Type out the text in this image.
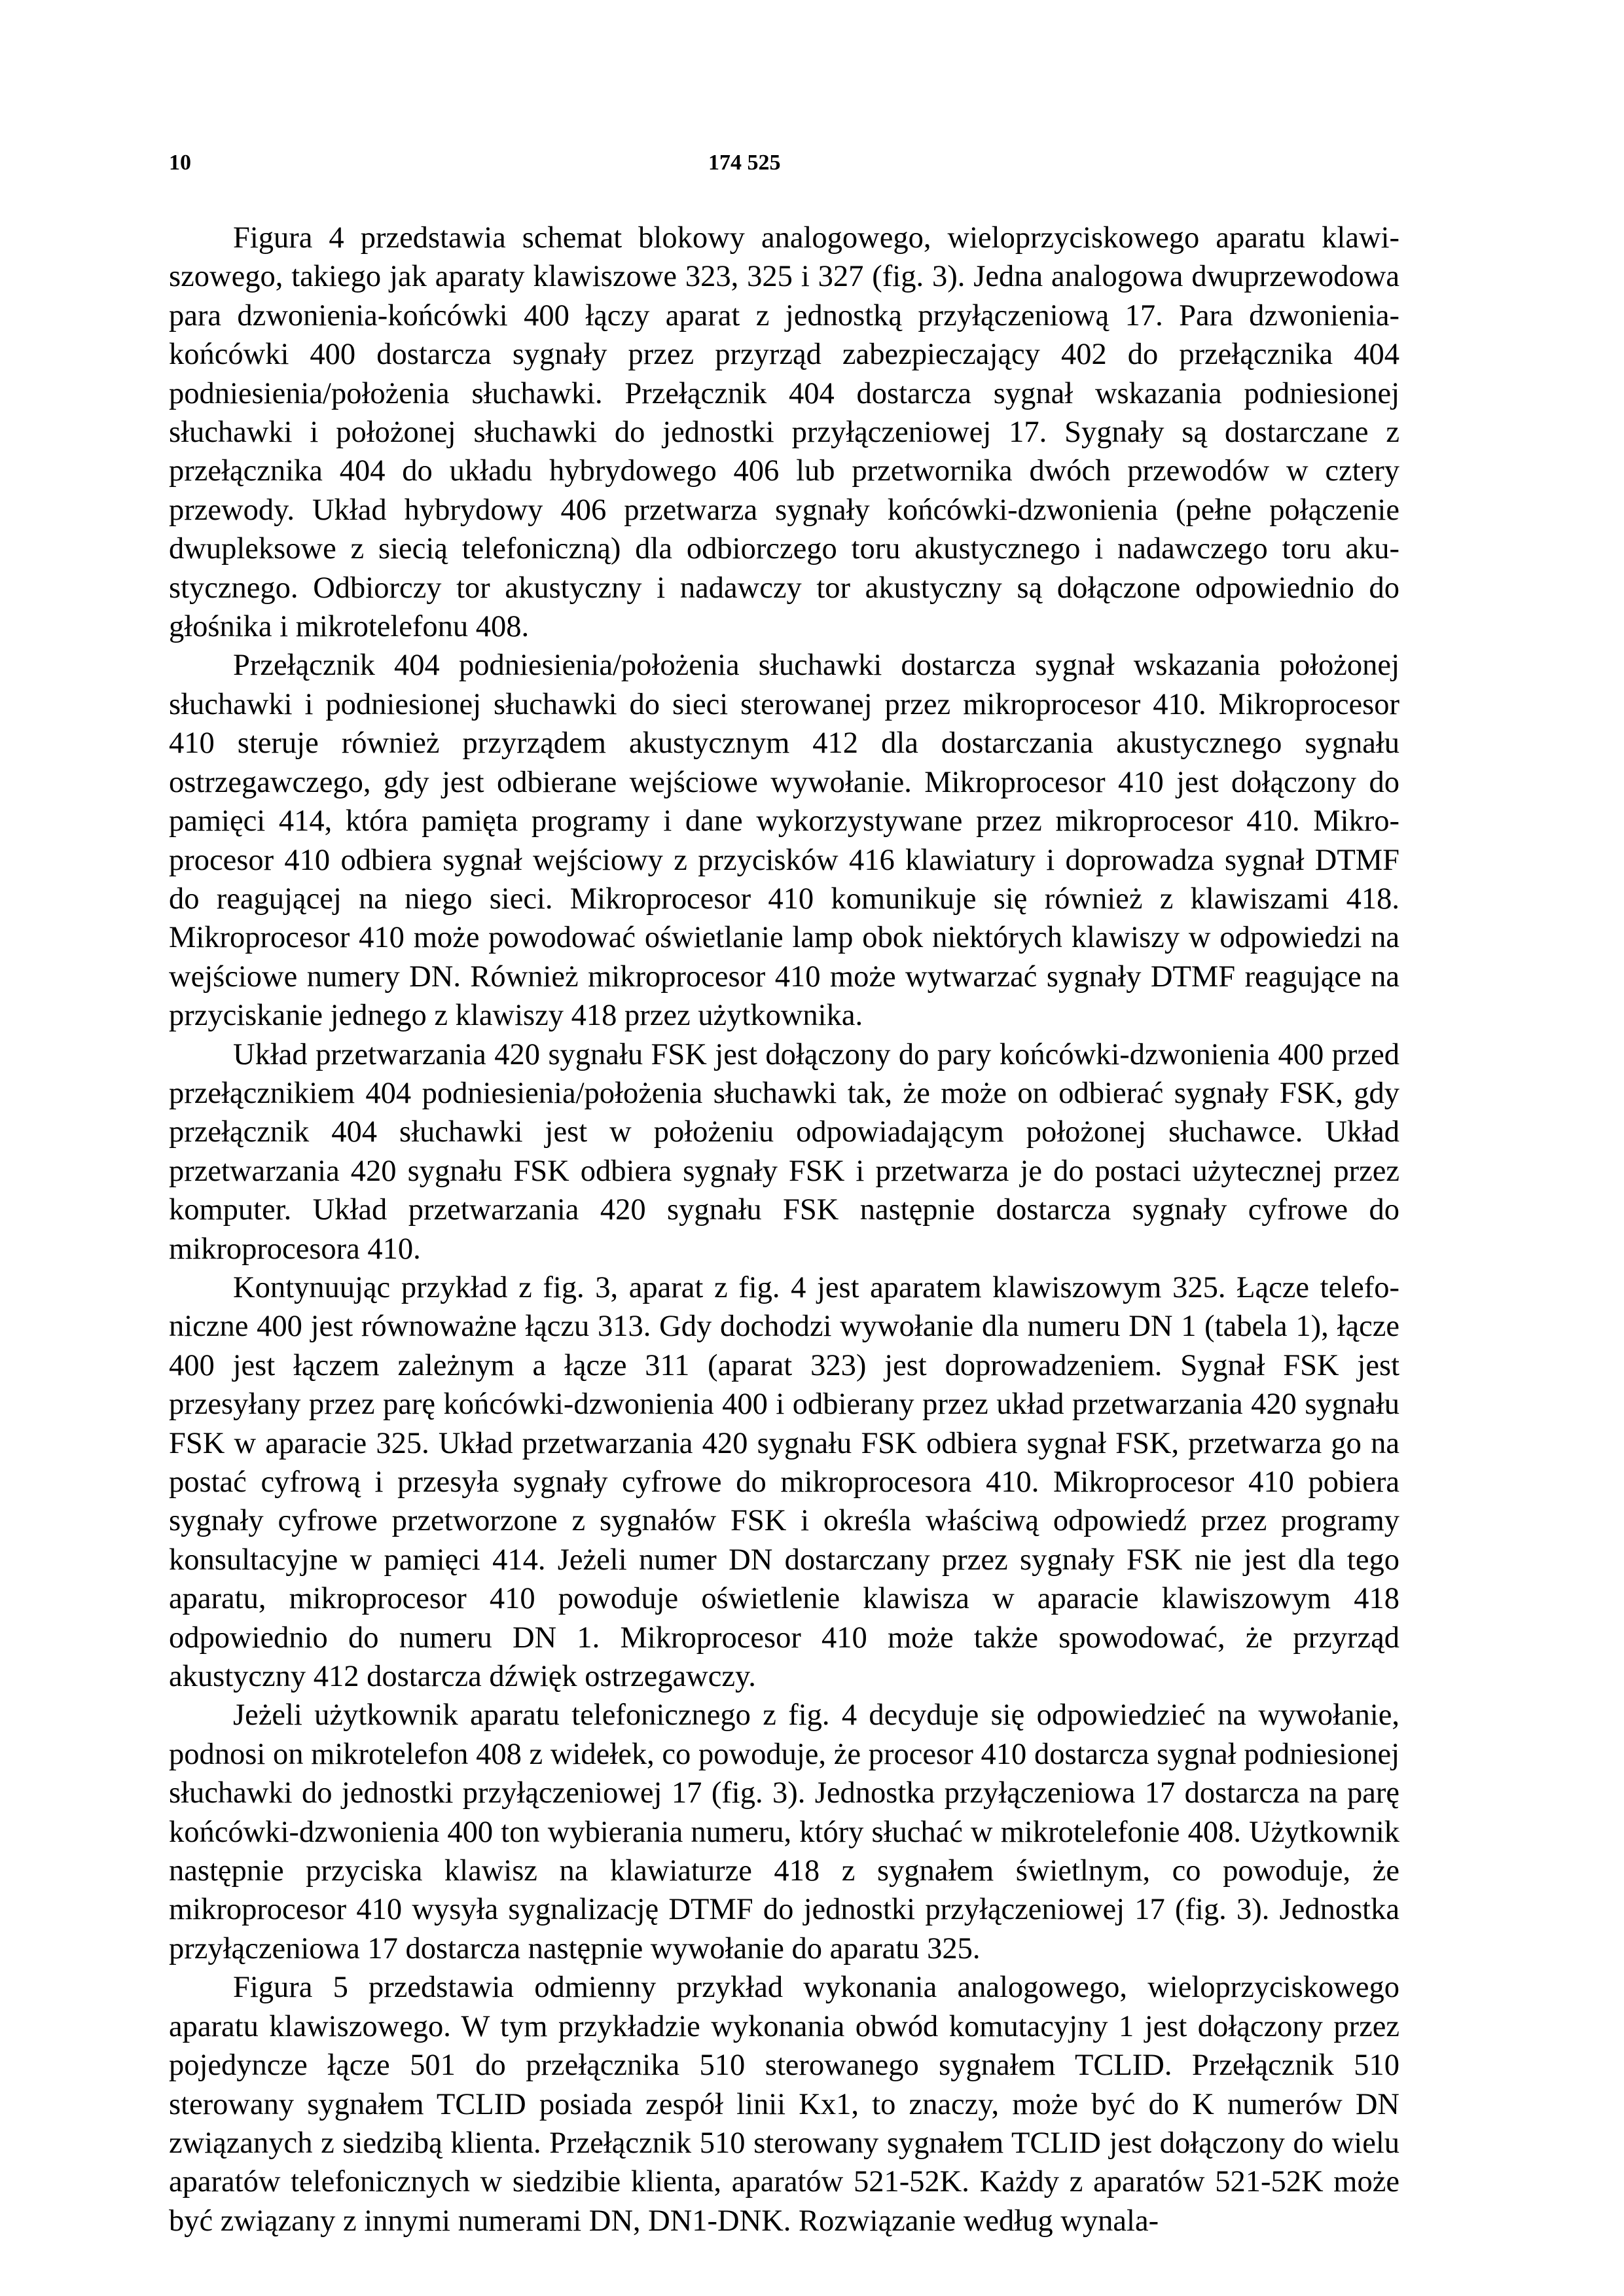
10	174 525

Figura 4 przedstawia schemat blokowy analogowego, wieloprzyciskowego aparatu klawiszowego, takiego jak aparaty klawiszowe 323, 325 i 327 (fig. 3). Jedna analogowa dwuprzewodowa para dzwonienia-końcówki 400 łączy aparat z jednostką przyłączeniową 17. Para dzwonienia-końcówki 400 dostarcza sygnały przez przyrząd zabezpieczający 402 do przełącznika 404 podniesienia/położenia słuchawki. Przełącznik 404 dostarcza sygnał wskazania podniesionej słuchawki i położonej słuchawki do jednostki przyłączeniowej 17. Sygnały są dostarczane z przełącznika 404 do układu hybrydowego 406 lub przetwornika dwóch przewodów w cztery przewody. Układ hybrydowy 406 przetwarza sygnały końcówki-dzwonienia (pełne połączenie dwupleksowe z siecią telefoniczną) dla odbiorczego toru akustycznego i nadawczego toru akustycznego. Odbiorczy tor akustyczny i nadawczy tor akustyczny są dołączone odpowiednio do głośnika i mikrotelefonu 408.

Przełącznik 404 podniesienia/położenia słuchawki dostarcza sygnał wskazania położonej słuchawki i podniesionej słuchawki do sieci sterowanej przez mikroprocesor 410. Mikroprocesor 410 steruje również przyrządem akustycznym 412 dla dostarczania akustycznego sygnału ostrzegawczego, gdy jest odbierane wejściowe wywołanie. Mikroprocesor 410 jest dołączony do pamięci 414, która pamięta programy i dane wykorzystywane przez mikroprocesor 410. Mikroprocesor 410 odbiera sygnał wejściowy z przycisków 416 klawiatury i doprowadza sygnał DTMF do reagującej na niego sieci. Mikroprocesor 410 komunikuje się również z klawiszami 418. Mikroprocesor 410 może powodować oświetlanie lamp obok niektórych klawiszy w odpowiedzi na wejściowe numery DN. Również mikroprocesor 410 może wytwarzać sygnały DTMF reagujące na przyciskanie jednego z klawiszy 418 przez użytkownika.

Układ przetwarzania 420 sygnału FSK jest dołączony do pary końcówki-dzwonienia 400 przed przełącznikiem 404 podniesienia/położenia słuchawki tak, że może on odbierać sygnały FSK, gdy przełącznik 404 słuchawki jest w położeniu odpowiadającym położonej słuchawce. Układ przetwarzania 420 sygnału FSK odbiera sygnały FSK i przetwarza je do postaci użytecznej przez komputer. Układ przetwarzania 420 sygnału FSK następnie dostarcza sygnały cyfrowe do mikroprocesora 410.

Kontynuując przykład z fig. 3, aparat z fig. 4 jest aparatem klawiszowym 325. Łącze telefoniczne 400 jest równoważne łączu 313. Gdy dochodzi wywołanie dla numeru DN 1 (tabela 1), łącze 400 jest łączem zależnym a łącze 311 (aparat 323) jest doprowadzeniem. Sygnał FSK jest przesyłany przez parę końcówki-dzwonienia 400 i odbierany przez układ przetwarzania 420 sygnału FSK w aparacie 325. Układ przetwarzania 420 sygnału FSK odbiera sygnał FSK, przetwarza go na postać cyfrową i przesyła sygnały cyfrowe do mikroprocesora 410. Mikroprocesor 410 pobiera sygnały cyfrowe przetworzone z sygnałów FSK i określa właściwą odpowiedź przez programy konsultacyjne w pamięci 414. Jeżeli numer DN dostarczany przez sygnały FSK nie jest dla tego aparatu, mikroprocesor 410 powoduje oświetlenie klawisza w aparacie klawiszowym 418 odpowiednio do numeru DN 1. Mikroprocesor 410 może także spowodować, że przyrząd akustyczny 412 dostarcza dźwięk ostrzegawczy.

Jeżeli użytkownik aparatu telefonicznego z fig. 4 decyduje się odpowiedzieć na wywołanie, podnosi on mikrotelefon 408 z widełek, co powoduje, że procesor 410 dostarcza sygnał podniesionej słuchawki do jednostki przyłączeniowej 17 (fig. 3). Jednostka przyłączeniowa 17 dostarcza na parę końcówki-dzwonienia 400 ton wybierania numeru, który słuchać w mikrotelefonie 408. Użytkownik następnie przyciska klawisz na klawiaturze 418 z sygnałem świetlnym, co powoduje, że mikroprocesor 410 wysyła sygnalizację DTMF do jednostki przyłączeniowej 17 (fig. 3). Jednostka przyłączeniowa 17 dostarcza następnie wywołanie do aparatu 325.

Figura 5 przedstawia odmienny przykład wykonania analogowego, wieloprzyciskowego aparatu klawiszowego. W tym przykładzie wykonania obwód komutacyjny 1 jest dołączony przez pojedyncze łącze 501 do przełącznika 510 sterowanego sygnałem TCLID. Przełącznik 510 sterowany sygnałem TCLID posiada zespół linii Kx1, to znaczy, może być do K numerów DN związanych z siedzibą klienta. Przełącznik 510 sterowany sygnałem TCLID jest dołączony do wielu aparatów telefonicznych w siedzibie klienta, aparatów 521-52K. Każdy z aparatów 521-52K może być związany z innymi numerami DN, DN1-DNK. Rozwiązanie według wynala-
